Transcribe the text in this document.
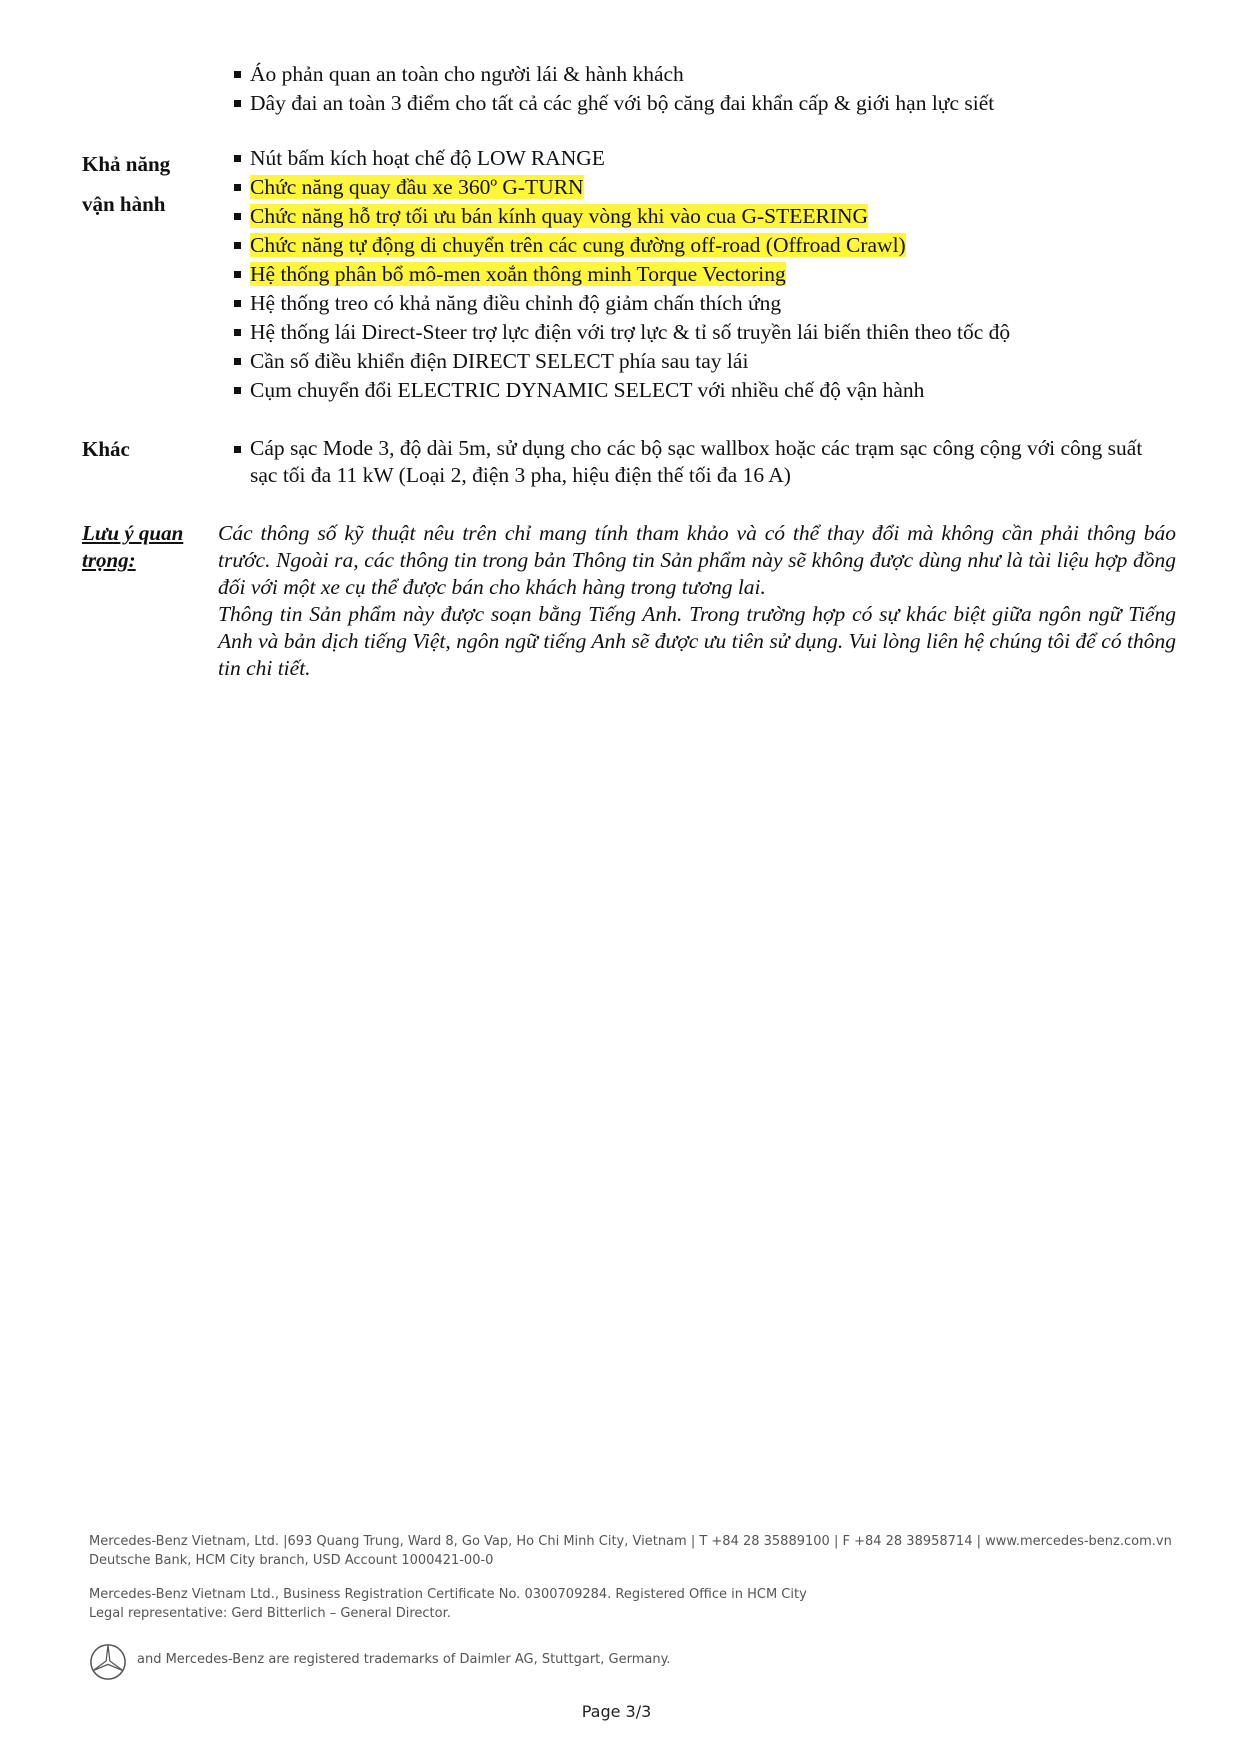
Áo phản quan an toàn cho người lái & hành khách
Dây đai an toàn 3 điểm cho tất cả các ghế với bộ căng đai khẩn cấp & giới hạn lực siết
Khả năng
vận hành
Nút bấm kích hoạt chế độ LOW RANGE
Chức năng quay đầu xe 360º G-TURN
Chức năng hỗ trợ tối ưu bán kính quay vòng khi vào cua G-STEERING
Chức năng tự động di chuyển trên các cung đường off-road (Offroad Crawl)
Hệ thống phân bổ mô-men xoắn thông minh Torque Vectoring
Hệ thống treo có khả năng điều chỉnh độ giảm chấn thích ứng
Hệ thống lái Direct-Steer trợ lực điện với trợ lực & tỉ số truyền lái biến thiên theo tốc độ
Cần số điều khiển điện DIRECT SELECT phía sau tay lái
Cụm chuyển đổi ELECTRIC DYNAMIC SELECT với nhiều chế độ vận hành
Khác	Cáp sạc Mode 3, độ dài 5m, sử dụng cho các bộ sạc wallbox hoặc các trạm sạc công cộng với công suất sạc tối đa 11 kW (Loại 2, điện 3 pha, hiệu điện thế tối đa 16 A)
Lưu ý quan
trọng:

Các thông số kỹ thuật nêu trên chỉ mang tính tham khảo và có thể thay đổi mà không cần phải thông báo trước. Ngoài ra, các thông tin trong bản Thông tin Sản phẩm này sẽ không được dùng như là tài liệu hợp đồng đối với một xe cụ thể được bán cho khách hàng trong tương lai.

Thông tin Sản phẩm này được soạn bằng Tiếng Anh. Trong trường hợp có sự khác biệt giữa ngôn ngữ Tiếng Anh và bản dịch tiếng Việt, ngôn ngữ tiếng Anh sẽ được ưu tiên sử dụng. Vui lòng liên hệ chúng tôi để có thông tin chi tiết.

Mercedes-Benz Vietnam, Ltd. |693 Quang Trung, Ward 8, Go Vap, Ho Chi Minh City, Vietnam | T +84 28 35889100 | F +84 28 38958714 | www.mercedes-benz.com.vn
Deutsche Bank, HCM City branch, USD Account 1000421-00-0
Mercedes-Benz Vietnam Ltd., Business Registration Certificate No. 0300709284. Registered Office in HCM City
Legal representative: Gerd Bitterlich – General Director.
and Mercedes-Benz are registered trademarks of Daimler AG, Stuttgart, Germany.
Page 3/3
